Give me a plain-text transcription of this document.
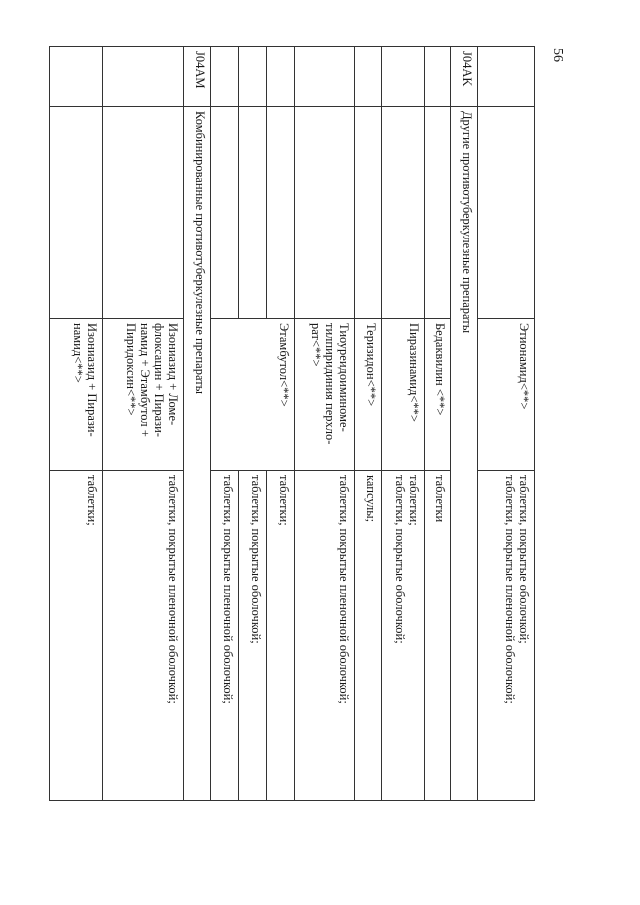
56
		Этионамид<**>	таблетки, покрытые оболочкой;
таблетки, покрытые пленочной оболочкой;

J04AK	Другие противотуберкулезные препараты		
		Бедаквилин <**>	таблетки

		Пиразинамид<**>	таблетки;
таблетки, покрытые оболочкой;

		Теризидон<**>	капсулы;

		Тиоуреидоиминоме-тилпиридиния перхло-рат<**>	таблетки, покрытые пленочной оболочкой;

		Этамбутол<**>	таблетки;

			таблетки, покрытые оболочкой;

			таблетки, покрытые пленочной оболочкой;

J04AM	Комбинированные противотуберкулезные препараты		
		Изониазид + Ломе-флоксацин + Пирази-намид + Этамбутол + Пиридоксин<**>	таблетки, покрытые пленочной оболочкой;

		Изониазид + Пирази-намид<**>	таблетки;
